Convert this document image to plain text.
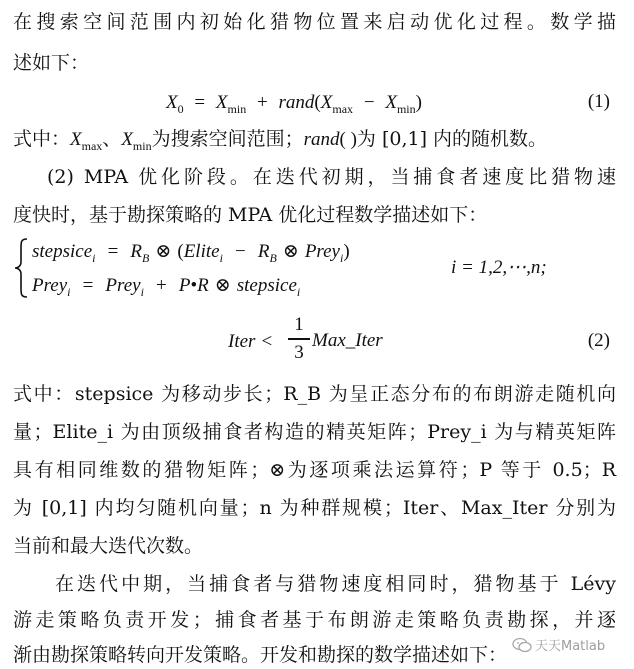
在搜索空间范围内初始化猎物位置来启动优化过程。数学描
述如下：
$X_0 = X_{min}$ + $rand(X_{max} - X_{min})$	(1)
式中：$X_{max}$、$X_{min}$为搜索空间范围；rand( )为 [0,1] 内的随机数。
(2) MPA 优化阶段。在迭代初期，当捕食者速度比猎物速
度快时，基于勘探策略的 MPA 优化过程数学描述如下：
stepsice$_i$ = $R_B$ ⊗ (Elite$_i$ − $R_B$ ⊗ Prey$_i$)
Prey$_i$ = Prey$_i$ + P•R ⊗ stepsice$_i$
i = 1,2,⋯,n;
Iter <
1
3
Max_Iter	(2)
式中：stepsice 为移动步长；R_B 为呈正态分布的布朗游走随机向
量；Elite_i 为由顶级捕食者构造的精英矩阵；Prey_i 为与精英矩阵
具有相同维数的猎物矩阵；⊗为逐项乘法运算符；P 等于 0.5；R
为 [0,1] 内均匀随机向量；n 为种群规模；Iter、Max_Iter 分别为
当前和最大迭代次数。
在迭代中期，当捕食者与猎物速度相同时，猎物基于 Lévy
游走策略负责开发；捕食者基于布朗游走策略负责勘探，并逐
渐由勘探策略转向开发策略。开发和勘探的数学描述如下：	天天Matlab
